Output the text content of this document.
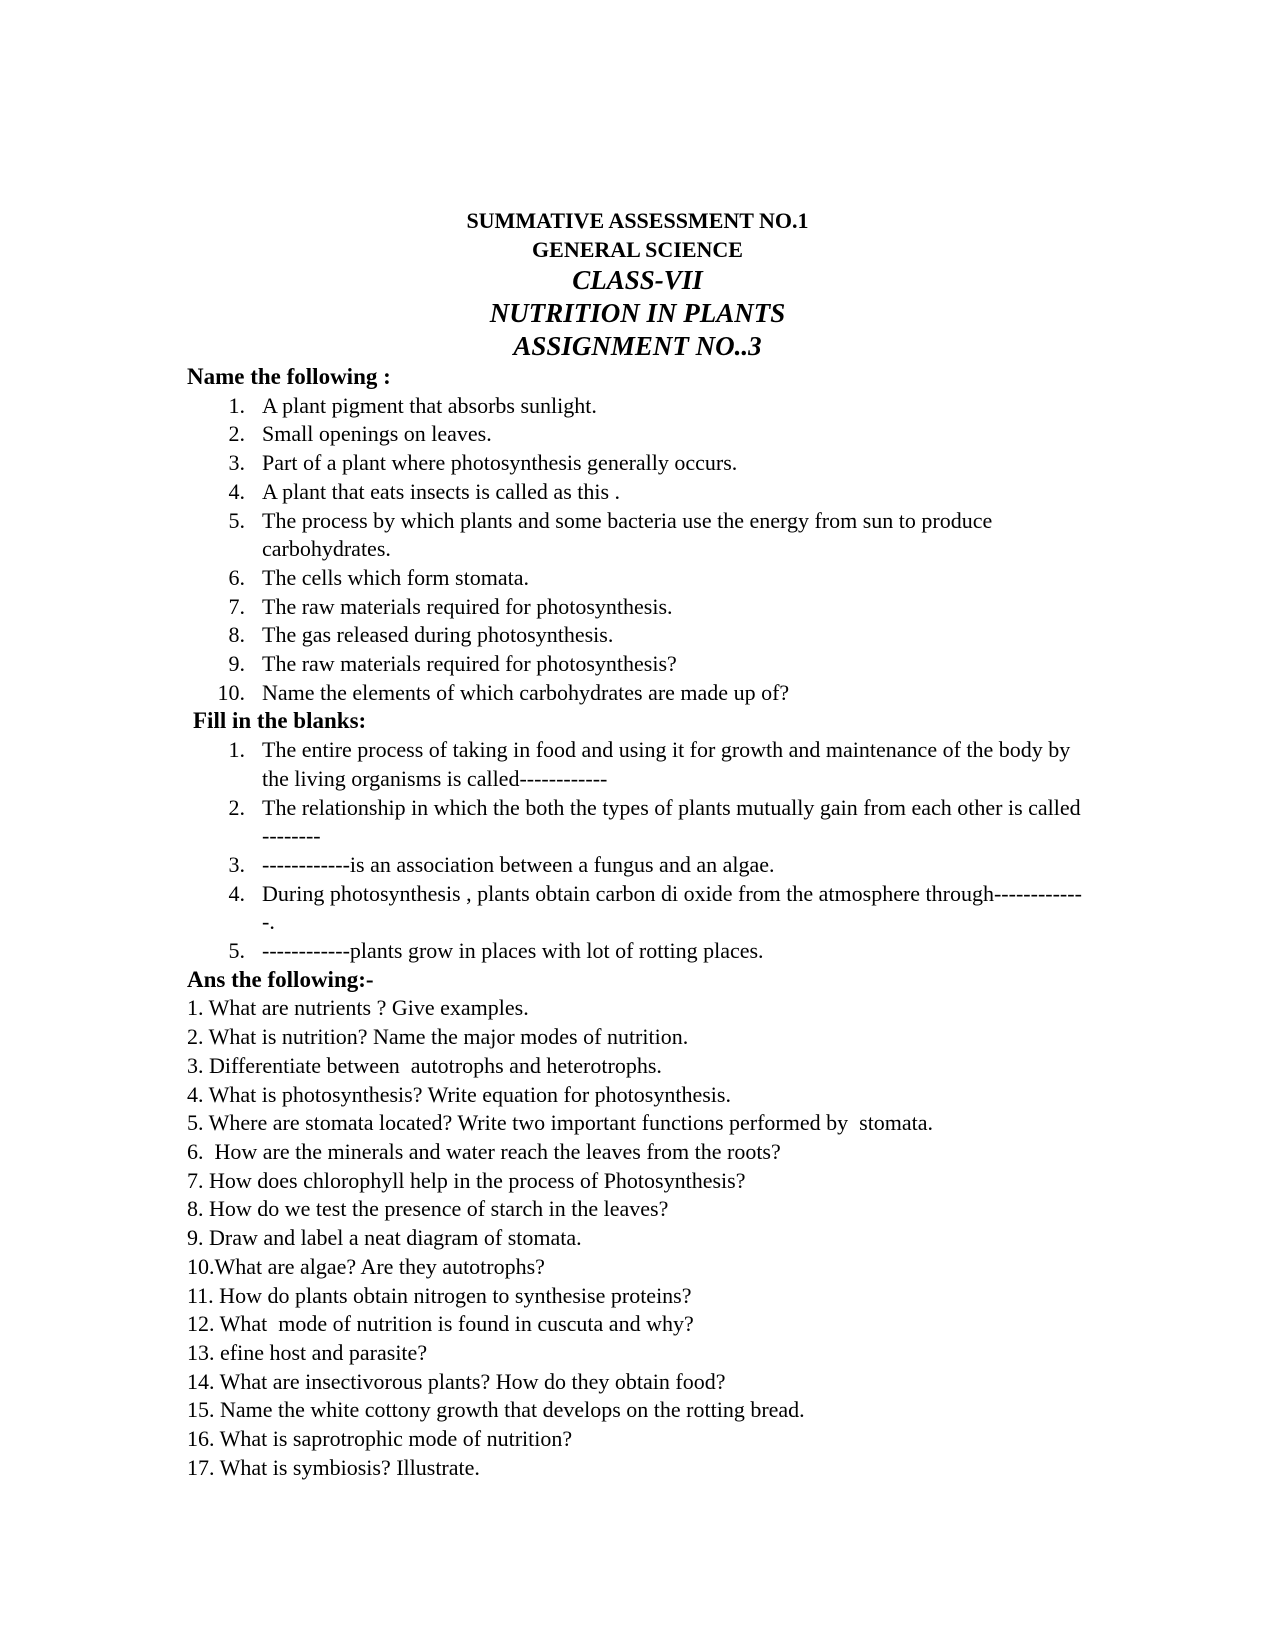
SUMMATIVE ASSESSMENT NO.1
GENERAL SCIENCE
CLASS-VII
NUTRITION IN PLANTS
ASSIGNMENT NO..3
Name the following :
1. A plant pigment that absorbs sunlight.
2. Small openings on leaves.
3. Part of a plant where photosynthesis generally occurs.
4. A plant that eats insects is called as this .
5. The process by which plants and some bacteria use the energy from sun to produce carbohydrates.
6. The cells which form stomata.
7. The raw materials required for photosynthesis.
8. The gas released during photosynthesis.
9. The raw materials required for photosynthesis?
10. Name the elements of which carbohydrates are made up of?
Fill in the blanks:
1. The entire process of taking in food and using it for growth and maintenance of the body by the living organisms is called------------
2. The relationship in which the both the types of plants mutually gain from each other is called --------
3. ------------is an association between a fungus and an algae.
4. During photosynthesis , plants obtain carbon di oxide from the atmosphere through-------------.
5. ------------plants grow in places with lot of rotting places.
Ans the following:-
1. What are nutrients ? Give examples.
2. What is nutrition? Name the major modes of nutrition.
3. Differentiate between  autotrophs and heterotrophs.
4. What is photosynthesis? Write equation for photosynthesis.
5. Where are stomata located? Write two important functions performed by  stomata.
6.  How are the minerals and water reach the leaves from the roots?
7. How does chlorophyll help in the process of Photosynthesis?
8. How do we test the presence of starch in the leaves?
9. Draw and label a neat diagram of stomata.
10.What are algae? Are they autotrophs?
11. How do plants obtain nitrogen to synthesise proteins?
12. What  mode of nutrition is found in cuscuta and why?
13. efine host and parasite?
14. What are insectivorous plants? How do they obtain food?
15. Name the white cottony growth that develops on the rotting bread.
16. What is saprotrophic mode of nutrition?
17. What is symbiosis? Illustrate.
